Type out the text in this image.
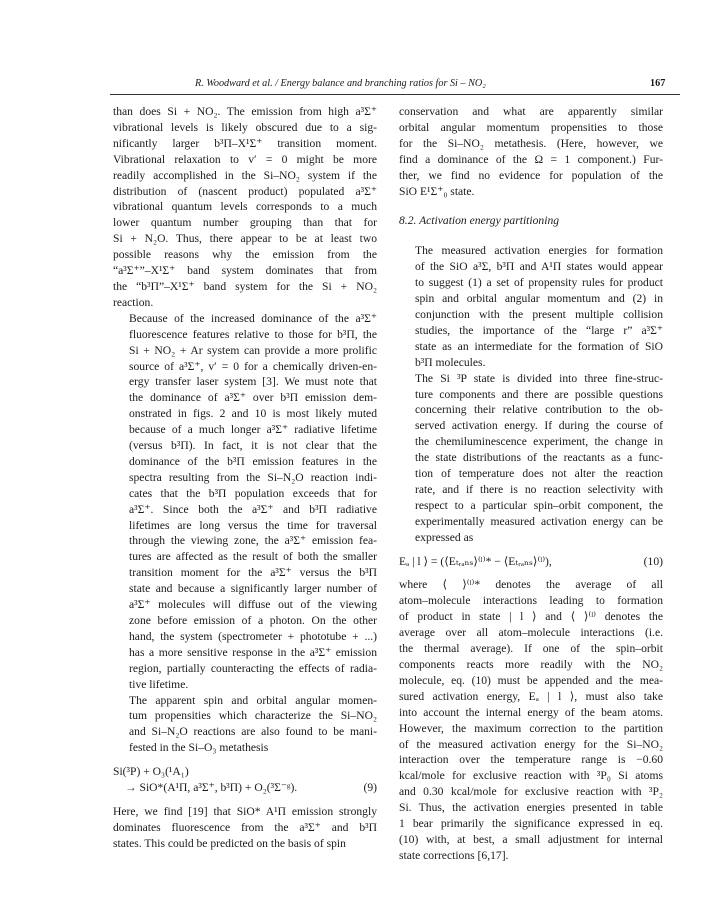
R. Woodward et al. / Energy balance and branching ratios for Si – NO₂	167

than does Si + NO₂. The emission from high a³Σ⁺
vibrational levels is likely obscured due to a sig-
nificantly larger b³Π–X¹Σ⁺ transition moment.
Vibrational relaxation to v′ = 0 might be more
readily accomplished in the Si–NO₂ system if the
distribution of (nascent product) populated a³Σ⁺
vibrational quantum levels corresponds to a much
lower quantum number grouping than that for
Si + N₂O. Thus, there appear to be at least two
possible reasons why the emission from the
“a³Σ⁺”–X¹Σ⁺ band system dominates that from
the “b³Π”–X¹Σ⁺ band system for the Si + NO₂
reaction.

Because of the increased dominance of the a³Σ⁺
fluorescence features relative to those for b³Π, the
Si + NO₂ + Ar system can provide a more prolific
source of a³Σ⁺, v′ = 0 for a chemically driven-en-
ergy transfer laser system [3]. We must note that
the dominance of a³Σ⁺ over b³Π emission dem-
onstrated in figs. 2 and 10 is most likely muted
because of a much longer a³Σ⁺ radiative lifetime
(versus b³Π). In fact, it is not clear that the
dominance of the b³Π emission features in the
spectra resulting from the Si–N₂O reaction indi-
cates that the b³Π population exceeds that for
a³Σ⁺. Since both the a³Σ⁺ and b³Π radiative
lifetimes are long versus the time for traversal
through the viewing zone, the a³Σ⁺ emission fea-
tures are affected as the result of both the smaller
transition moment for the a³Σ⁺ versus the b³Π
state and because a significantly larger number of
a³Σ⁺ molecules will diffuse out of the viewing
zone before emission of a photon. On the other
hand, the system (spectrometer + phototube + ...)
has a more sensitive response in the a³Σ⁺ emission
region, partially counteracting the effects of radia-
tive lifetime.

The apparent spin and orbital angular momen-
tum propensities which characterize the Si–NO₂
and Si–N₂O reactions are also found to be mani-
fested in the Si–O₃ metathesis

Si(³P) + O₃(¹A₁)
→ SiO*(A¹Π, a³Σ⁺, b³Π) + O₂(³Σ⁻ᵍ).	(9)

Here, we find [19] that SiO* A¹Π emission strongly
dominates fluorescence from the a³Σ⁺ and b³Π
states. This could be predicted on the basis of spin

conservation and what are apparently similar
orbital angular momentum propensities to those
for the Si–NO₂ metathesis. (Here, however, we
find a dominance of the Ω = 1 component.) Fur-
ther, we find no evidence for population of the
SiO E¹Σ⁺₀ state.

8.2. Activation energy partitioning

The measured activation energies for formation
of the SiO a³Σ, b³Π and A¹Π states would appear
to suggest (1) a set of propensity rules for product
spin and orbital angular momentum and (2) in
conjunction with the present multiple collision
studies, the importance of the “large r” a³Σ⁺
state as an intermediate for the formation of SiO
b³Π molecules.

The Si ³P state is divided into three fine-struc-
ture components and there are possible questions
concerning their relative contribution to the ob-
served activation energy. If during the course of
the chemiluminescence experiment, the change in
the state distributions of the reactants as a func-
tion of temperature does not alter the reaction
rate, and if there is no reaction selectivity with
respect to a particular spin–orbit component, the
experimentally measured activation energy can be
expressed as

Eₐ | l ⟩ = (⟨Eₜᵣₐₙₛ⟩⁽ˡ⁾* − ⟨Eₜᵣₐₙₛ⟩⁽ˡ⁾),	(10)

where ⟨ ⟩⁽ˡ⁾* denotes the average of all
atom–molecule interactions leading to formation
of product in state | l ⟩ and ⟨ ⟩⁽ˡ⁾ denotes the
average over all atom–molecule interactions (i.e.
the thermal average). If one of the spin–orbit
components reacts more readily with the NO₂
molecule, eq. (10) must be appended and the mea-
sured activation energy, Eₐ | l ⟩, must also take
into account the internal energy of the beam atoms.
However, the maximum correction to the partition
of the measured activation energy for the Si–NO₂
interaction over the temperature range is −0.60
kcal/mole for exclusive reaction with ³P₀ Si atoms
and 0.30 kcal/mole for exclusive reaction with ³P₂
Si. Thus, the activation energies presented in table
1 bear primarily the significance expressed in eq.
(10) with, at best, a small adjustment for internal
state corrections [6,17].
